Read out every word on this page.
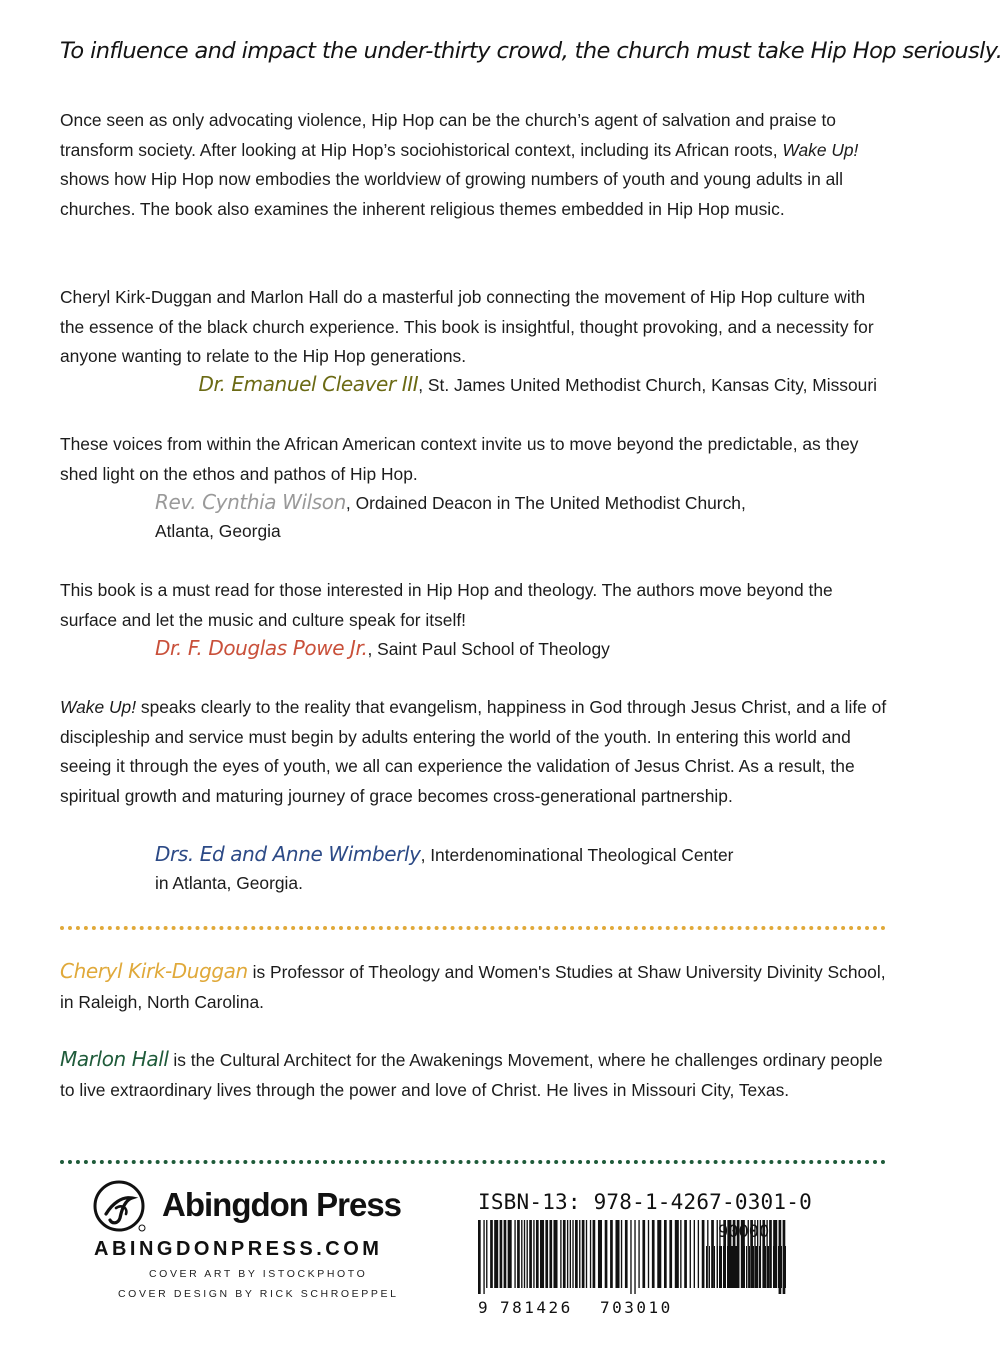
To influence and impact the under-thirty crowd, the church must take Hip Hop seriously.

Once seen as only advocating violence, Hip Hop can be the church’s agent of salvation and praise to transform society. After looking at Hip Hop’s sociohistorical context, including its African roots, Wake Up! shows how Hip Hop now embodies the worldview of growing numbers of youth and young adults in all churches. The book also examines the inherent religious themes embedded in Hip Hop music.

Cheryl Kirk-Duggan and Marlon Hall do a masterful job connecting the movement of Hip Hop culture with the essence of the black church experience. This book is insightful, thought provoking, and a necessity for anyone wanting to relate to the Hip Hop generations.

Dr. Emanuel Cleaver III, St. James United Methodist Church, Kansas City, Missouri

These voices from within the African American context invite us to move beyond the predictable, as they shed light on the ethos and pathos of Hip Hop.

Rev. Cynthia Wilson, Ordained Deacon in The United Methodist Church,
Atlanta, Georgia

This book is a must read for those interested in Hip Hop and theology. The authors move beyond the surface and let the music and culture speak for itself!

Dr. F. Douglas Powe Jr., Saint Paul School of Theology

Wake Up! speaks clearly to the reality that evangelism, happiness in God through Jesus Christ, and a life of discipleship and service must begin by adults entering the world of the youth. In entering this world and seeing it through the eyes of youth, we all can experience the validation of Jesus Christ. As a result, the spiritual growth and maturing journey of grace becomes cross-generational partnership.

Drs. Ed and Anne Wimberly, Interdenominational Theological Center
in Atlanta, Georgia.

Cheryl Kirk-Duggan is Professor of Theology and Women's Studies at Shaw University Divinity School, in Raleigh, North Carolina.

Marlon Hall is the Cultural Architect for the Awakenings Movement, where he challenges ordinary people to live extraordinary lives through the power and love of Christ. He lives in Missouri City, Texas.

Abingdon Press
ABINGDONPRESS.COM
COVER ART BY ISTOCKPHOTO
COVER DESIGN BY RICK SCHROEPPEL
ISBN-13: 978-1-4267-0301-0
90000
9 781426 703010
